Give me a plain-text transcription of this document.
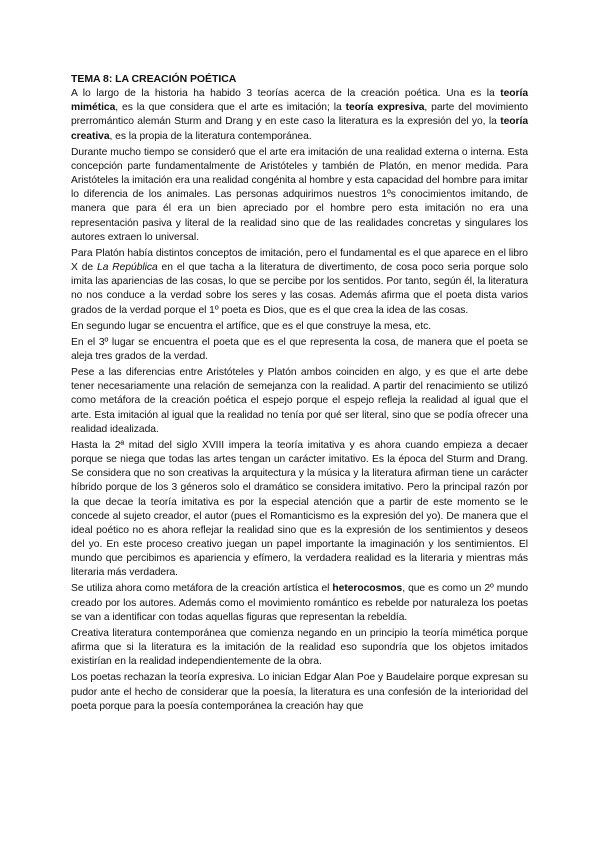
TEMA 8: LA CREACIÓN POÉTICA

A lo largo de la historia ha habido 3 teorías acerca de la creación poética. Una es la teoría mimética, es la que considera que el arte es imitación; la teoría expresiva, parte del movimiento prerromántico alemán Sturm and Drang y en este caso la literatura es la expresión del yo, la teoría creativa, es la propia de la literatura contemporánea.

Durante mucho tiempo se consideró que el arte era imitación de una realidad externa o interna. Esta concepción parte fundamentalmente de Aristóteles y también de Platón, en menor medida. Para Aristóteles la imitación era una realidad congénita al hombre y esta capacidad del hombre para imitar lo diferencia de los animales. Las personas adquirimos nuestros 1ºs conocimientos imitando, de manera que para él era un bien apreciado por el hombre pero esta imitación no era una representación pasiva y literal de la realidad sino que de las realidades concretas y singulares los autores extraen lo universal.

Para Platón había distintos conceptos de imitación, pero el fundamental es el que aparece en el libro X de La República en el que tacha a la literatura de divertimento, de cosa poco seria porque solo imita las apariencias de las cosas, lo que se percibe por los sentidos. Por tanto, según él, la literatura no nos conduce a la verdad sobre los seres y las cosas. Además afirma que el poeta dista varios grados de la verdad porque el 1º poeta es Dios, que es el que crea la idea de las cosas.

En segundo lugar se encuentra el artífice, que es el que construye la mesa, etc.

En el 3º lugar se encuentra el poeta que es el que representa la cosa, de manera que el poeta se aleja tres grados de la verdad.

Pese a las diferencias entre Aristóteles y Platón ambos coinciden en algo, y es que el arte debe tener necesariamente una relación de semejanza con la realidad. A partir del renacimiento se utilizó como metáfora de la creación poética el espejo porque el espejo refleja la realidad al igual que el arte. Esta imitación al igual que la realidad no tenía por qué ser literal, sino que se podía ofrecer una realidad idealizada.

Hasta la 2ª mitad del siglo XVIII impera la teoría imitativa y es ahora cuando empieza a decaer porque se niega que todas las artes tengan un carácter imitativo. Es la época del Sturm and Drang. Se considera que no son creativas la arquitectura y la música y la literatura afirman tiene un carácter híbrido porque de los 3 géneros solo el dramático se considera imitativo. Pero la principal razón por la que decae la teoría imitativa es por la especial atención que a partir de este momento se le concede al sujeto creador, el autor (pues el Romanticismo es la expresión del yo). De manera que el ideal poético no es ahora reflejar la realidad sino que es la expresión de los sentimientos y deseos del yo. En este proceso creativo juegan un papel importante la imaginación y los sentimientos. El mundo que percibimos es apariencia y efímero, la verdadera realidad es la literaria y mientras más literaria más verdadera.

Se utiliza ahora como metáfora de la creación artística el heterocosmos, que es como un 2º mundo creado por los autores. Además como el movimiento romántico es rebelde por naturaleza los poetas se van a identificar con todas aquellas figuras que representan la rebeldía.

Creativa literatura contemporánea que comienza negando en un principio la teoría mimética porque afirma que si la literatura es la imitación de la realidad eso supondría que los objetos imitados existirían en la realidad independientemente de la obra.

Los poetas rechazan la teoría expresiva. Lo inician Edgar Alan Poe y Baudelaire porque expresan su pudor ante el hecho de considerar que la poesía, la literatura es una confesión de la interioridad del poeta porque para la poesía contemporánea la creación hay que
